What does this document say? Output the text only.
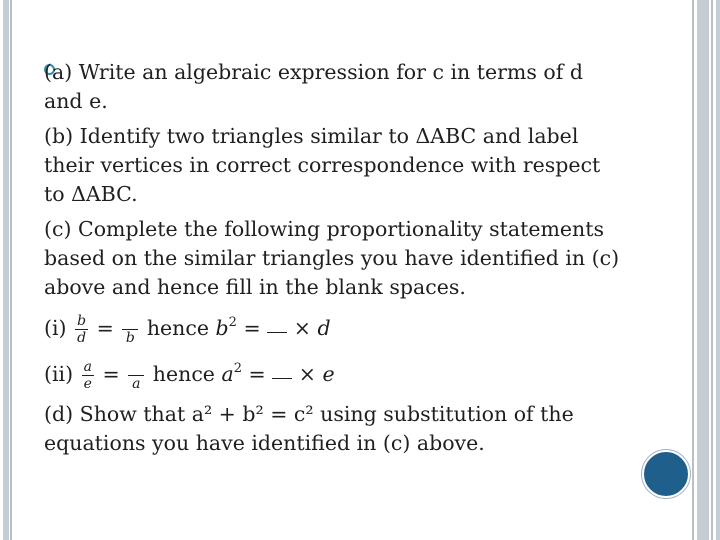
(a) Write an algebraic expression for c in terms of d and e.

(b) Identify two triangles similar to ΔABC and label their vertices in correct correspondence with respect to ΔABC.

(c) Complete the following proportionality statements based on the similar triangles you have identified in (c) above and hence fill in the blank spaces.

$(i) \frac{b}{d} = b$ hence $b^2$ = × d
$(ii) \frac{a}{e} = a$ hence $a^2$ = × e

(d) Show that a² + b² = c² using substitution of the equations you have identified in (c) above.
